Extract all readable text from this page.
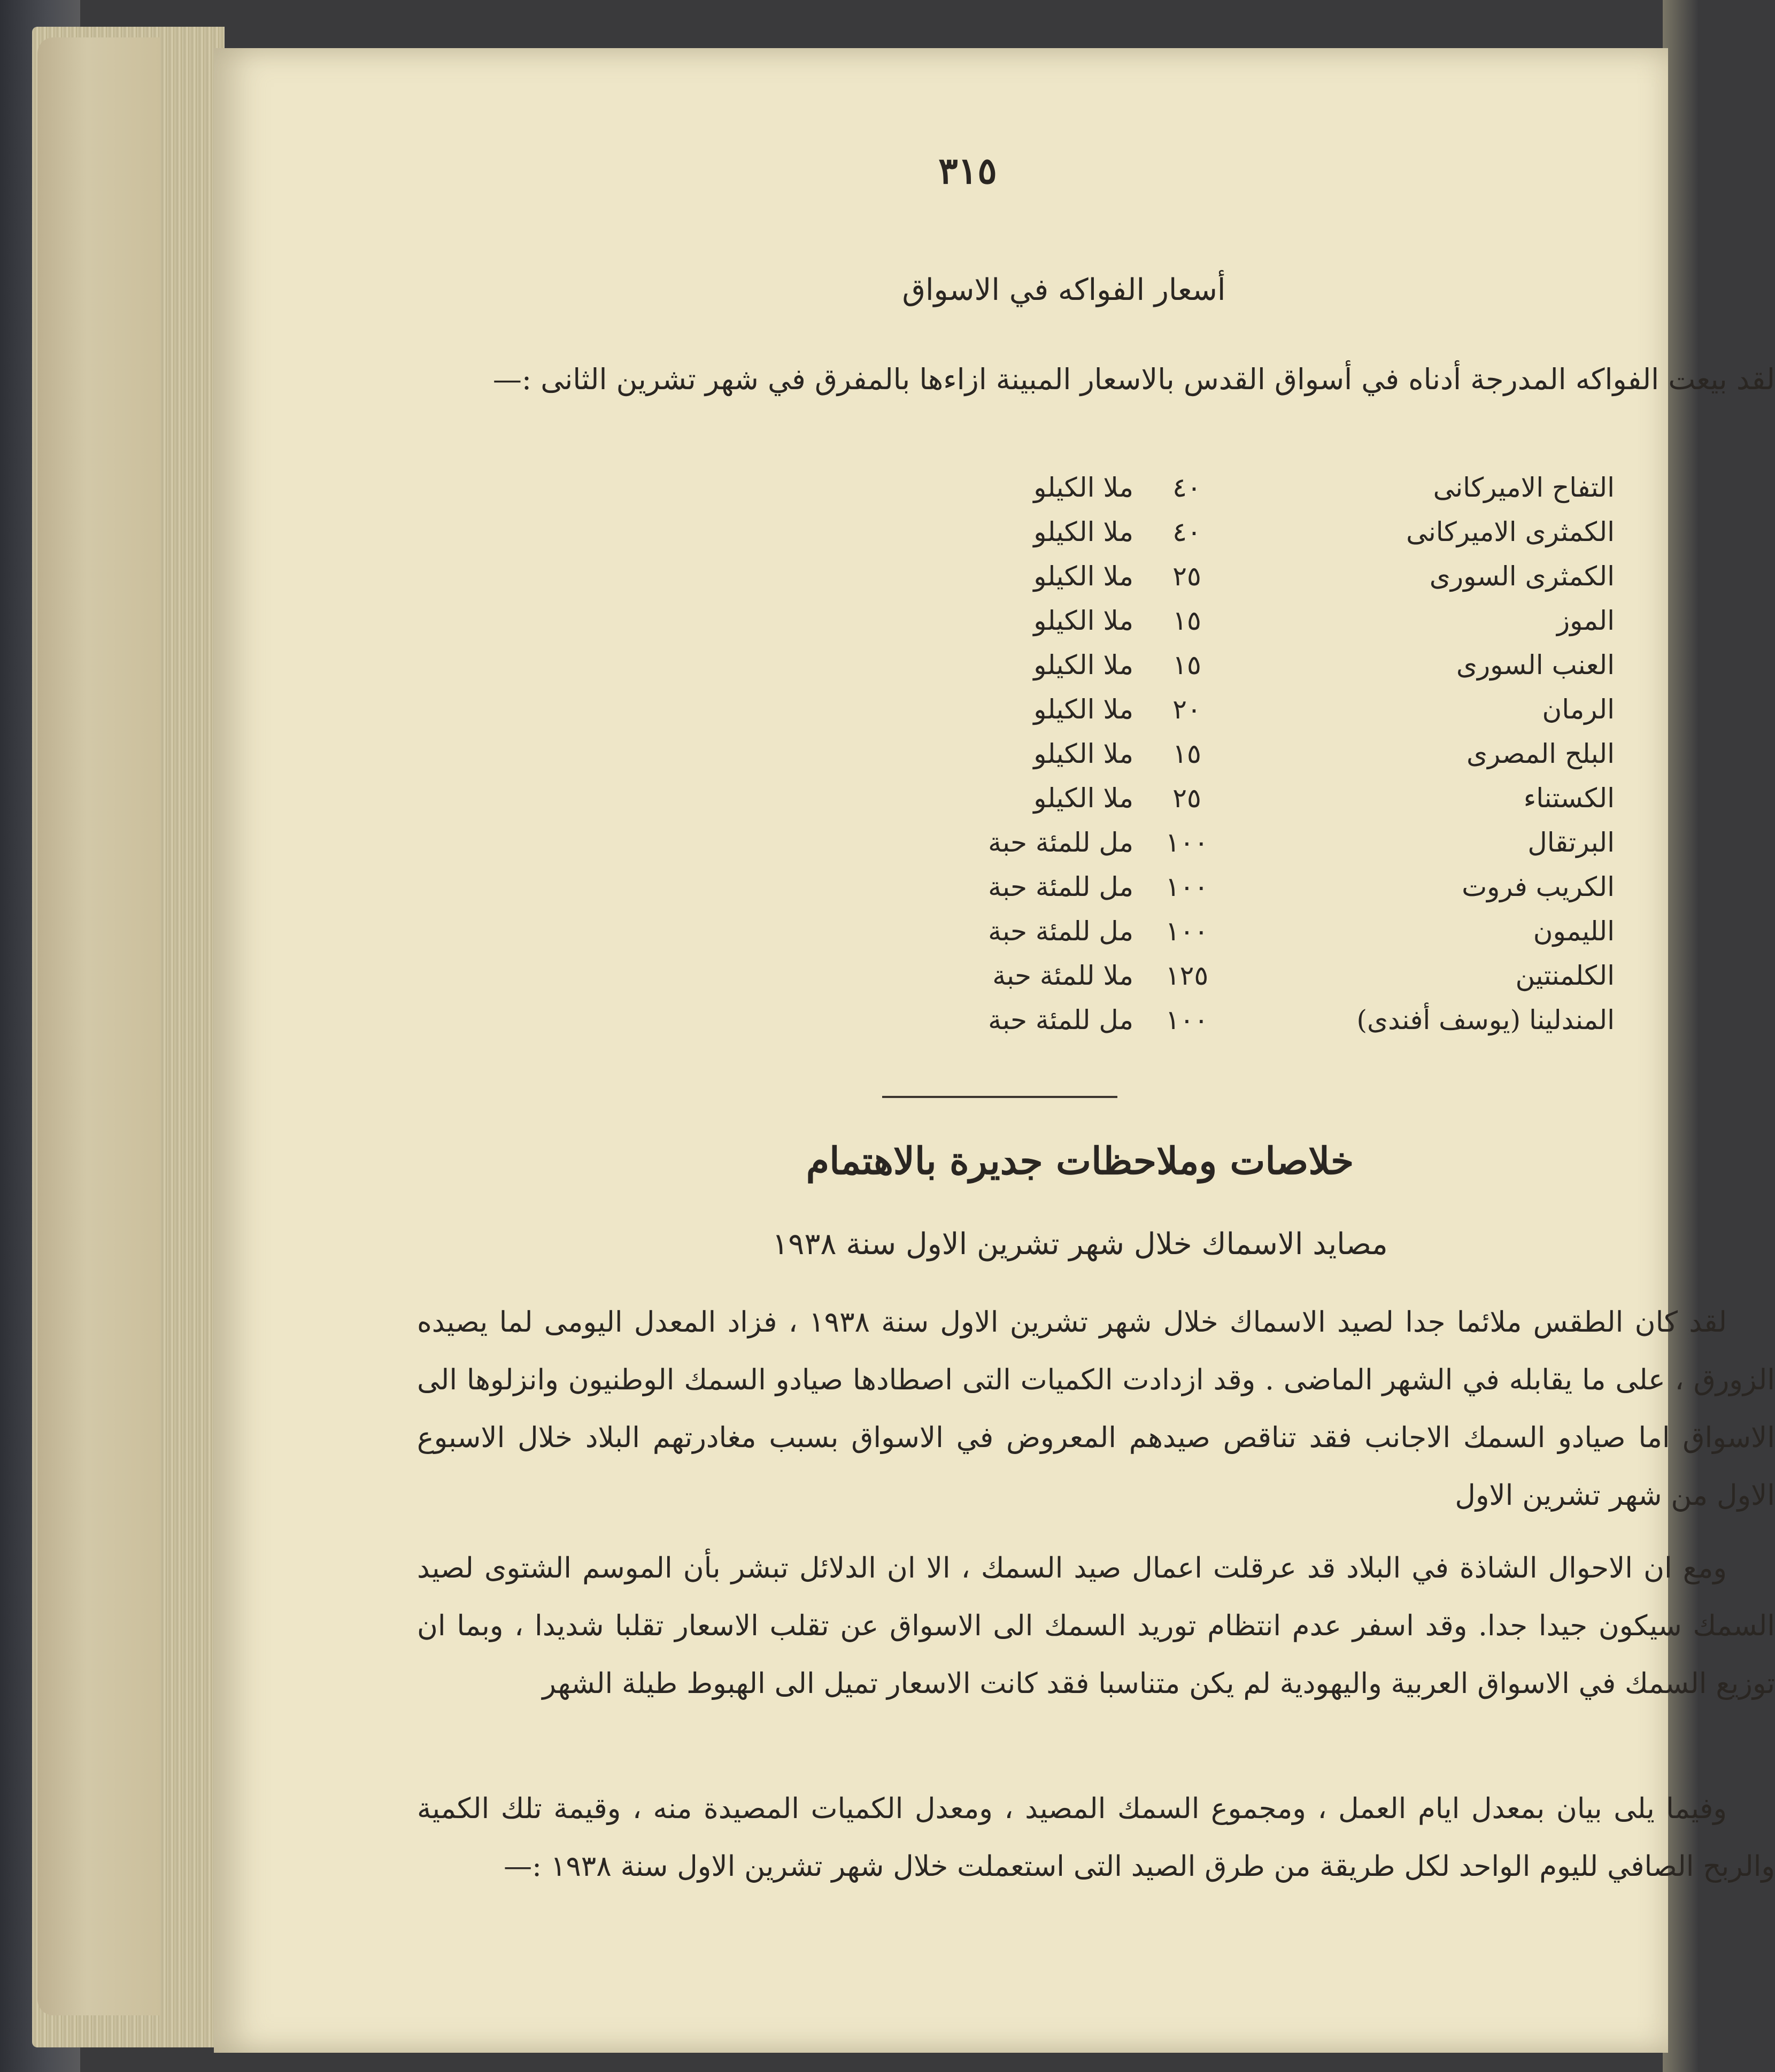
٣١٥
أسعار الفواكه في الاسواق

لقد بيعت الفواكه المدرجة أدناه في أسواق القدس بالاسعار المبينة ازاءها بالمفرق في شهر تشرين الثانى :—

التفاح الاميركانى
٤٠
ملا الكيلو
الكمثرى الاميركانى
٤٠
ملا الكيلو
الكمثرى السورى
٢٥
ملا الكيلو
الموز
١٥
ملا الكيلو
العنب السورى
١٥
ملا الكيلو
الرمان
٢٠
ملا الكيلو
البلح المصرى
١٥
ملا الكيلو
الكستناء
٢٥
ملا الكيلو
البرتقال
١٠٠
مل للمئة حبة
الكريب فروت
١٠٠
مل للمئة حبة
الليمون
١٠٠
مل للمئة حبة
الكلمنتين
١٢٥
ملا للمئة حبة
المندلينا (يوسف أفندى)
١٠٠
مل للمئة حبة
خلاصات وملاحظات جديرة بالاهتمام
مصايد الاسماك خلال شهر تشرين الاول سنة ١٩٣٨

لقد كان الطقس ملائما جدا لصيد الاسماك خلال شهر تشرين الاول سنة ١٩٣٨ ، فزاد المعدل اليومى لما يصيده الزورق ، على ما يقابله في الشهر الماضى . وقد ازدادت الكميات التى اصطادها صيادو السمك الوطنيون وانزلوها الى الاسواق اما صيادو السمك الاجانب فقد تناقص صيدهم المعروض في الاسواق بسبب مغادرتهم البلاد خلال الاسبوع الاول من شهر تشرين الاول

ومع ان الاحوال الشاذة في البلاد قد عرقلت اعمال صيد السمك ، الا ان الدلائل تبشر بأن الموسم الشتوى لصيد السمك سيكون جيدا جدا. وقد اسفر عدم انتظام توريد السمك الى الاسواق عن تقلب الاسعار تقلبا شديدا ، وبما ان توزيع السمك في الاسواق العربية واليهودية لم يكن متناسبا فقد كانت الاسعار تميل الى الهبوط طيلة الشهر

وفيما يلى بيان بمعدل ايام العمل ، ومجموع السمك المصيد ، ومعدل الكميات المصيدة منه ، وقيمة تلك الكمية والربح الصافي لليوم الواحد لكل طريقة من طرق الصيد التى استعملت خلال شهر تشرين الاول سنة ١٩٣٨ :—
